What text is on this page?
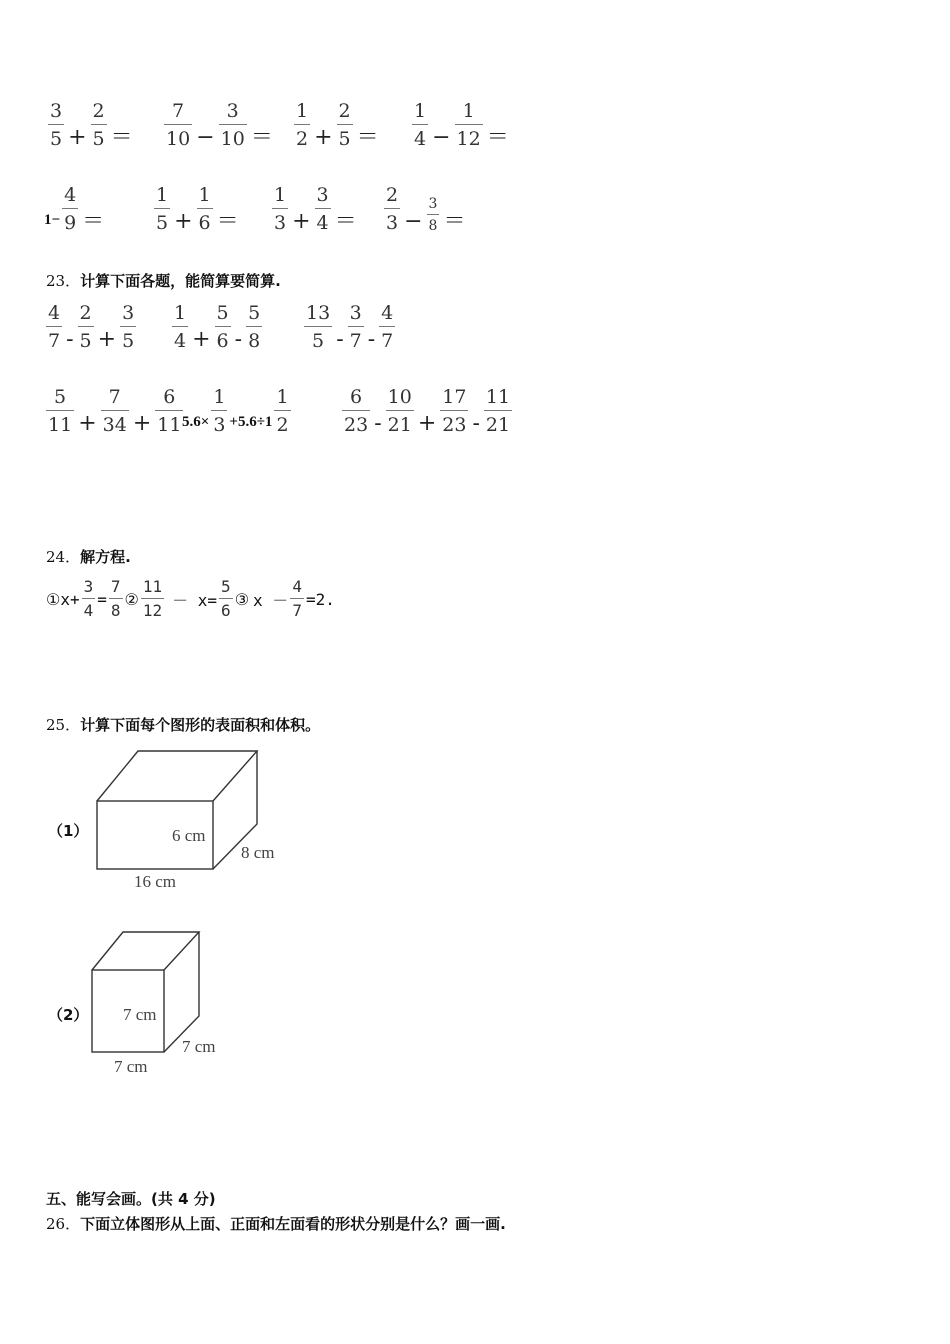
$\frac{3}{5} + \frac{2}{5} = \frac{7}{10} - \frac{3}{10} = \frac{1}{2} + \frac{2}{5} = \frac{1}{4} - \frac{1}{12}$ ＝
$1- \frac{4}{9}$ ＝	$\frac{1}{5} + \frac{1}{6} = \frac{1}{3} + \frac{3}{4} = \frac{2}{3} - \frac{3}{8}$ ＝
23．计算下面各题，能简算要简算.
$\frac{4}{7} - \frac{2}{5} + \frac{3}{5} \frac{1}{4} + \frac{5}{6} - \frac{5}{8} \frac{13}{5} - \frac{3}{7} - \frac{4}{7}$
$\frac{5}{11} + \frac{7}{34} + \frac{6}{11}$
$5.6\times \frac{1}{3} +5.6\div 1 \frac{1}{2}$	$\frac{6}{23} - \frac{10}{21} + \frac{17}{23} - \frac{11}{21}$
24．解方程.
① $x+ \frac{3}{4} = \frac{7}{8}$ ② $\frac{11}{12} - x= \frac{5}{6}$ ③ $x - \frac{4}{7} =2$.
25．计算下面每个图形的表面积和体积。
（1）	6 cm
8 cm
16 cm
（2） 7 cm
7 cm
7 cm
五、能写会画。(共 4 分)
26．下面立体图形从上面、正面和左面看的形状分别是什么？画一画.
